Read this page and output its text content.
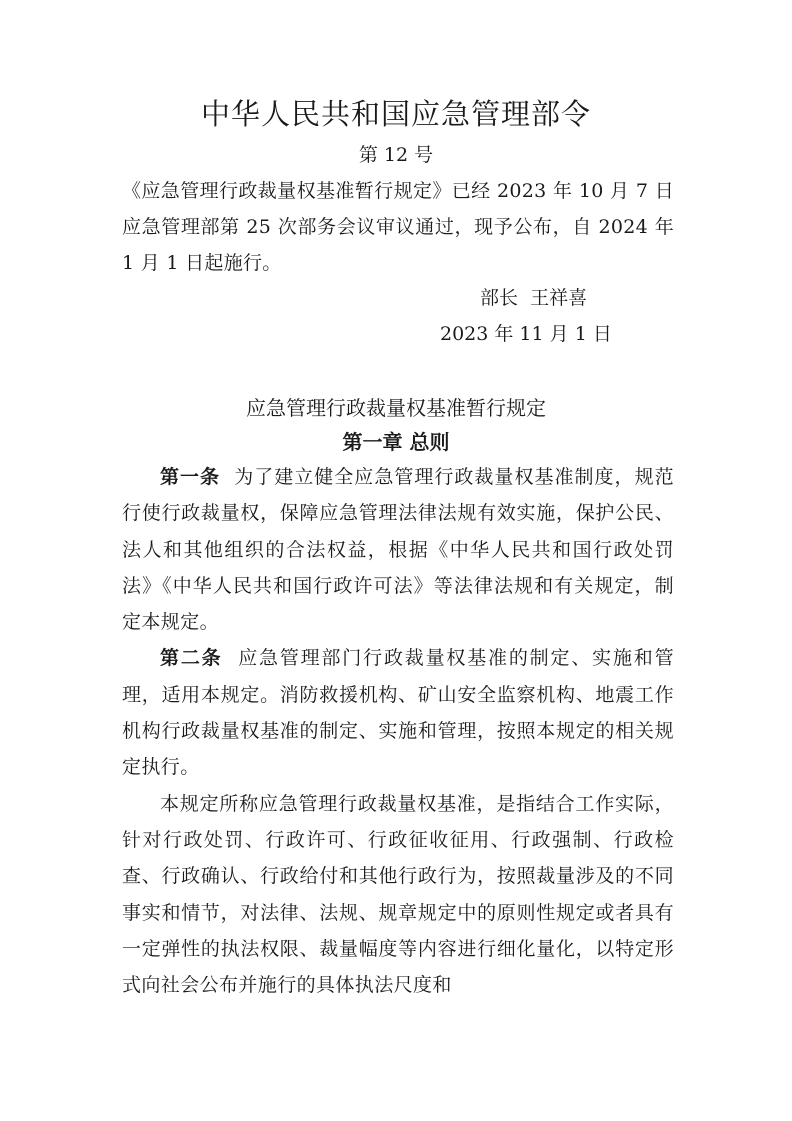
中华人民共和国应急管理部令
第 12 号
《应急管理行政裁量权基准暂行规定》已经 2023 年 10 月 7 日应急管理部第 25 次部务会议审议通过，现予公布，自 2024 年 1 月 1 日起施行。
部长  王祥喜
2023 年 11 月 1 日
应急管理行政裁量权基准暂行规定
第一章 总则

第一条 为了建立健全应急管理行政裁量权基准制度，规范行使行政裁量权，保障应急管理法律法规有效实施，保护公民、法人和其他组织的合法权益，根据《中华人民共和国行政处罚法》《中华人民共和国行政许可法》等法律法规和有关规定，制定本规定。

第二条 应急管理部门行政裁量权基准的制定、实施和管理，适用本规定。消防救援机构、矿山安全监察机构、地震工作机构行政裁量权基准的制定、实施和管理，按照本规定的相关规定执行。

本规定所称应急管理行政裁量权基准，是指结合工作实际，针对行政处罚、行政许可、行政征收征用、行政强制、行政检查、行政确认、行政给付和其他行政行为，按照裁量涉及的不同事实和情节，对法律、法规、规章规定中的原则性规定或者具有一定弹性的执法权限、裁量幅度等内容进行细化量化，以特定形式向社会公布并施行的具体执法尺度和
